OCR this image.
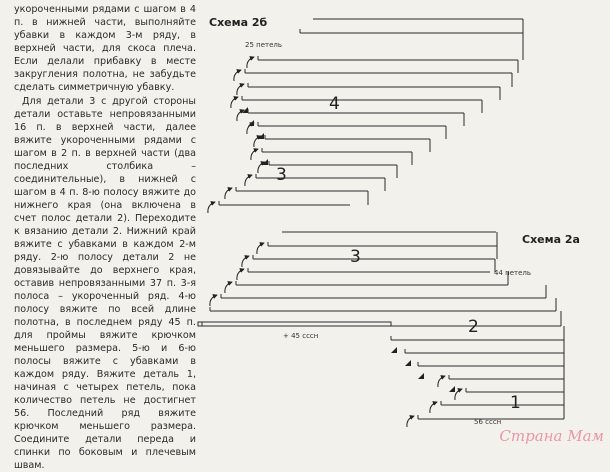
укороченными рядами с шагом в 4 п. в нижней части, выполняйте убавки в каждом 3-м ряду, в верхней части, для скоса плеча. Если делали прибавку в месте закругления полотна, не забудьте сделать симметричную убавку.

Для детали 3 с другой стороны детали оставьте непровязанными 16 п. в верхней части, далее вяжите укороченными рядами с шагом в 2 п. в верхней части (два последних столбика – соединительные), в нижней с шагом в 4 п. 8-ю полосу вяжите до нижнего края (она включена в счет полос детали 2). Переходите к вязанию детали 2. Нижний край вяжите с убавками в каждом 2-м ряду. 2-ю полосу детали 2 не довязывайте до верхнего края, оставив непровязанными 37 п. 3-я полоса – укороченный ряд. 4-ю полосу вяжите по всей длине полотна, в последнем ряду 45 п. для проймы вяжите крючком меньшего размера. 5-ю и 6-ю полосы вяжите с убавками в каждом ряду. Вяжите деталь 1, начиная с четырех петель, пока количество петель не достигнет 56. Последний ряд вяжите крючком меньшего размера. Соедините детали переда и спинки по боковым и плечевым швам.

Схема 2б
25 петель
4
3
Схема 2а
44 петель
+ 45 сссн
56 ссcн
3
2
1
Страна Мам
